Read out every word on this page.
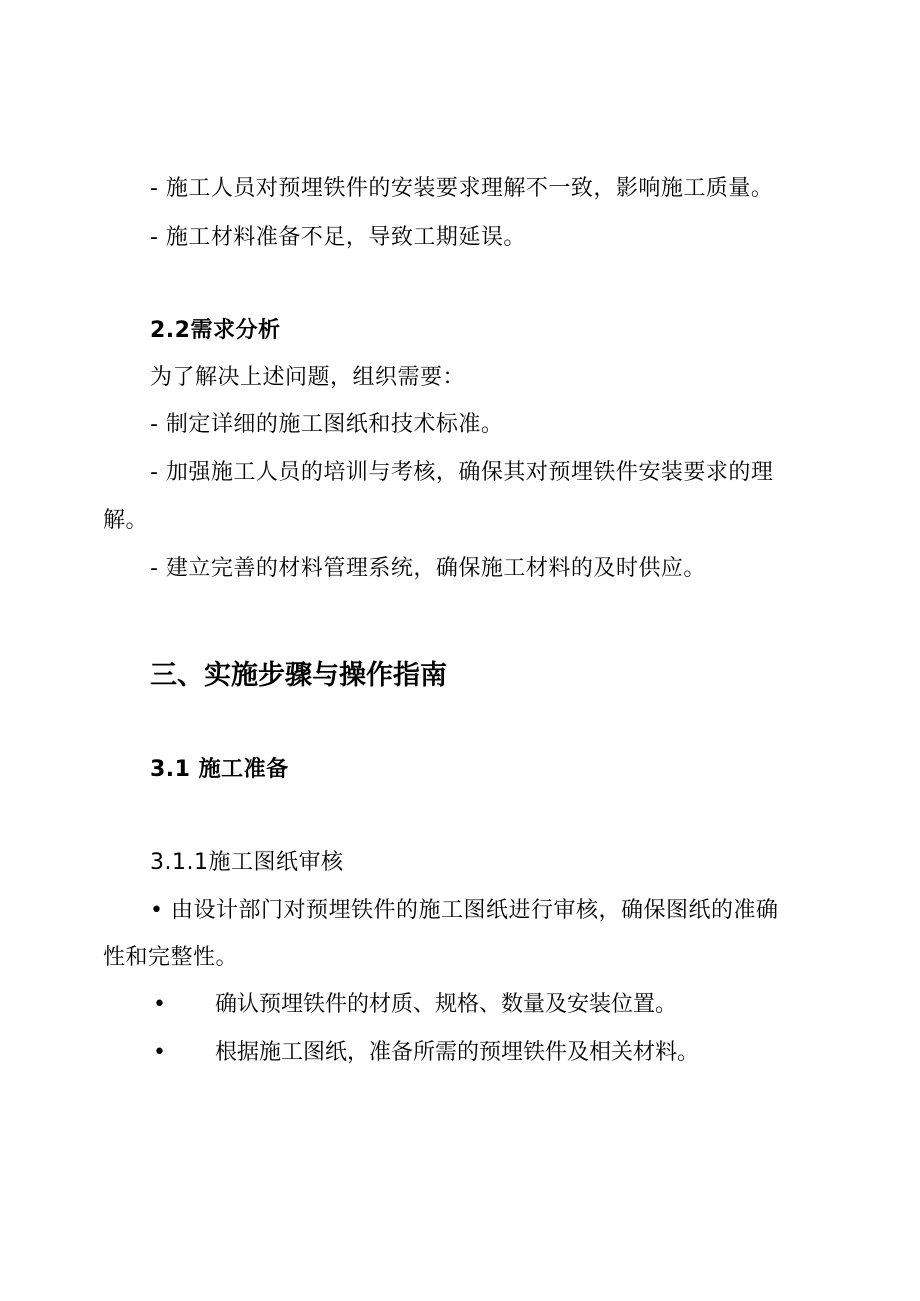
- 施工人员对预埋铁件的安装要求理解不一致，影响施工质量。

- 施工材料准备不足，导致工期延误。

2.2需求分析

为了解决上述问题，组织需要：

- 制定详细的施工图纸和技术标准。

- 加强施工人员的培训与考核，确保其对预埋铁件安装要求的理

解。

- 建立完善的材料管理系统，确保施工材料的及时供应。

三、实施步骤与操作指南

3.1 施工准备

3.1.1施工图纸审核

• 由设计部门对预埋铁件的施工图纸进行审核，确保图纸的准确

性和完整性。

• 确认预埋铁件的材质、规格、数量及安装位置。
• 根据施工图纸，准备所需的预埋铁件及相关材料。
